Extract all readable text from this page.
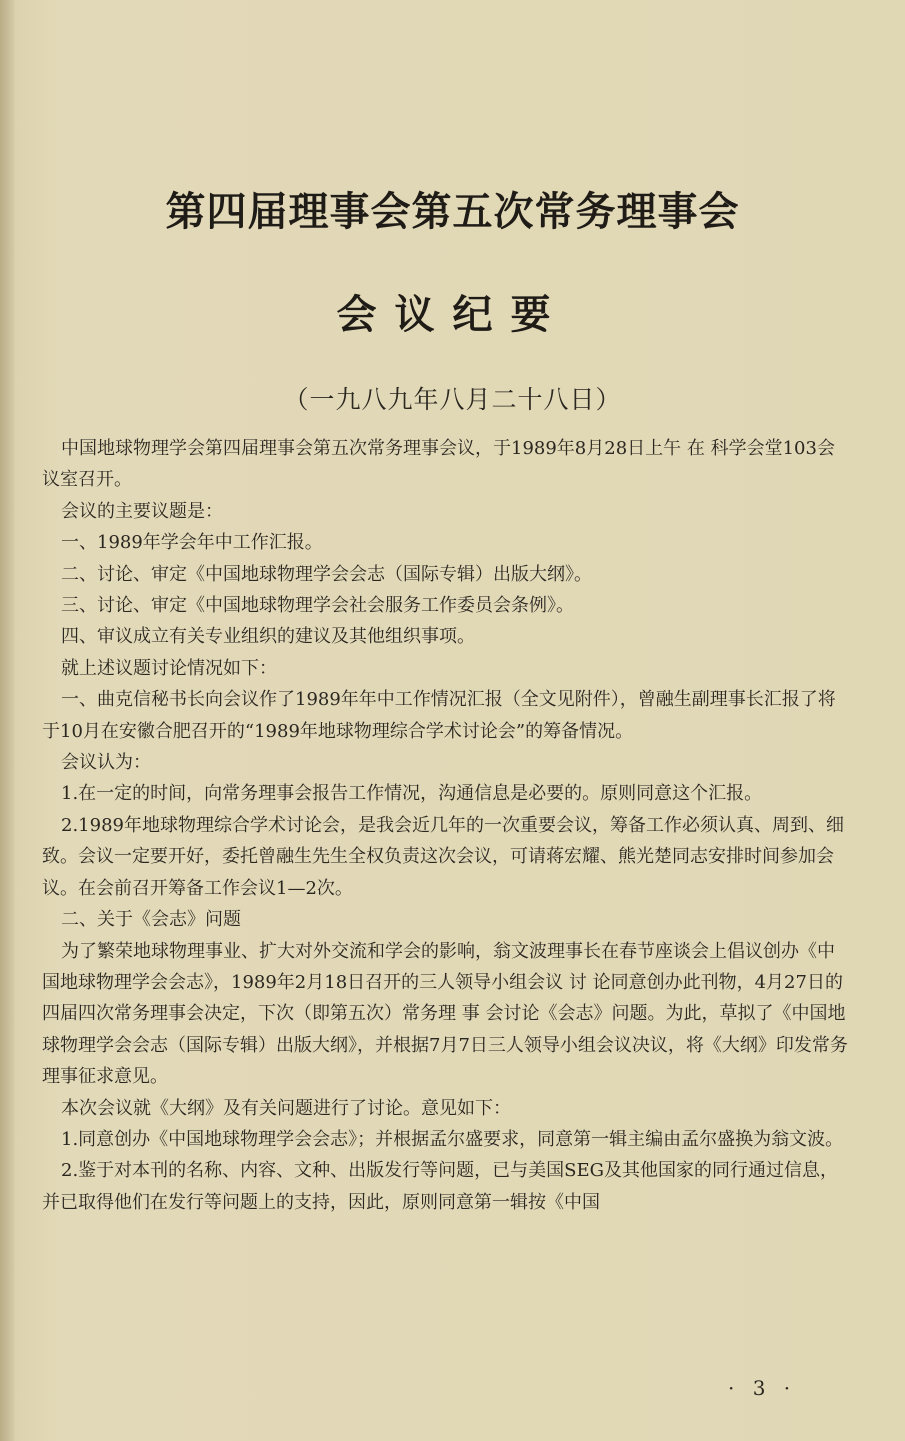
第四届理事会第五次常务理事会
会议纪要
（一九八九年八月二十八日）

中国地球物理学会第四届理事会第五次常务理事会议，于1989年8月28日上午 在 科学会堂103会议室召开。

会议的主要议题是：

一、1989年学会年中工作汇报。

二、讨论、审定《中国地球物理学会会志（国际专辑）出版大纲》。

三、讨论、审定《中国地球物理学会社会服务工作委员会条例》。

四、审议成立有关专业组织的建议及其他组织事项。

就上述议题讨论情况如下：

一、曲克信秘书长向会议作了1989年年中工作情况汇报（全文见附件），曾融生副理事长汇报了将于10月在安徽合肥召开的“1989年地球物理综合学术讨论会”的筹备情况。

会议认为：

1.在一定的时间，向常务理事会报告工作情况，沟通信息是必要的。原则同意这个汇报。

2.1989年地球物理综合学术讨论会，是我会近几年的一次重要会议，筹备工作必须认真、周到、细致。会议一定要开好，委托曾融生先生全权负责这次会议，可请蒋宏耀、熊光楚同志安排时间参加会议。在会前召开筹备工作会议1—2次。

二、关于《会志》问题

为了繁荣地球物理事业、扩大对外交流和学会的影响，翁文波理事长在春节座谈会上倡议创办《中国地球物理学会会志》，1989年2月18日召开的三人领导小组会议 讨 论同意创办此刊物，4月27日的四届四次常务理事会决定，下次（即第五次）常务理 事 会讨论《会志》问题。为此，草拟了《中国地球物理学会会志（国际专辑）出版大纲》，并根据7月7日三人领导小组会议决议，将《大纲》印发常务理事征求意见。

本次会议就《大纲》及有关问题进行了讨论。意见如下：

1.同意创办《中国地球物理学会会志》；并根据孟尔盛要求，同意第一辑主编由孟尔盛换为翁文波。

2.鉴于对本刊的名称、内容、文种、出版发行等问题，已与美国SEG及其他国家的同行通过信息，并已取得他们在发行等问题上的支持，因此，原则同意第一辑按《中国

· 3 ·
